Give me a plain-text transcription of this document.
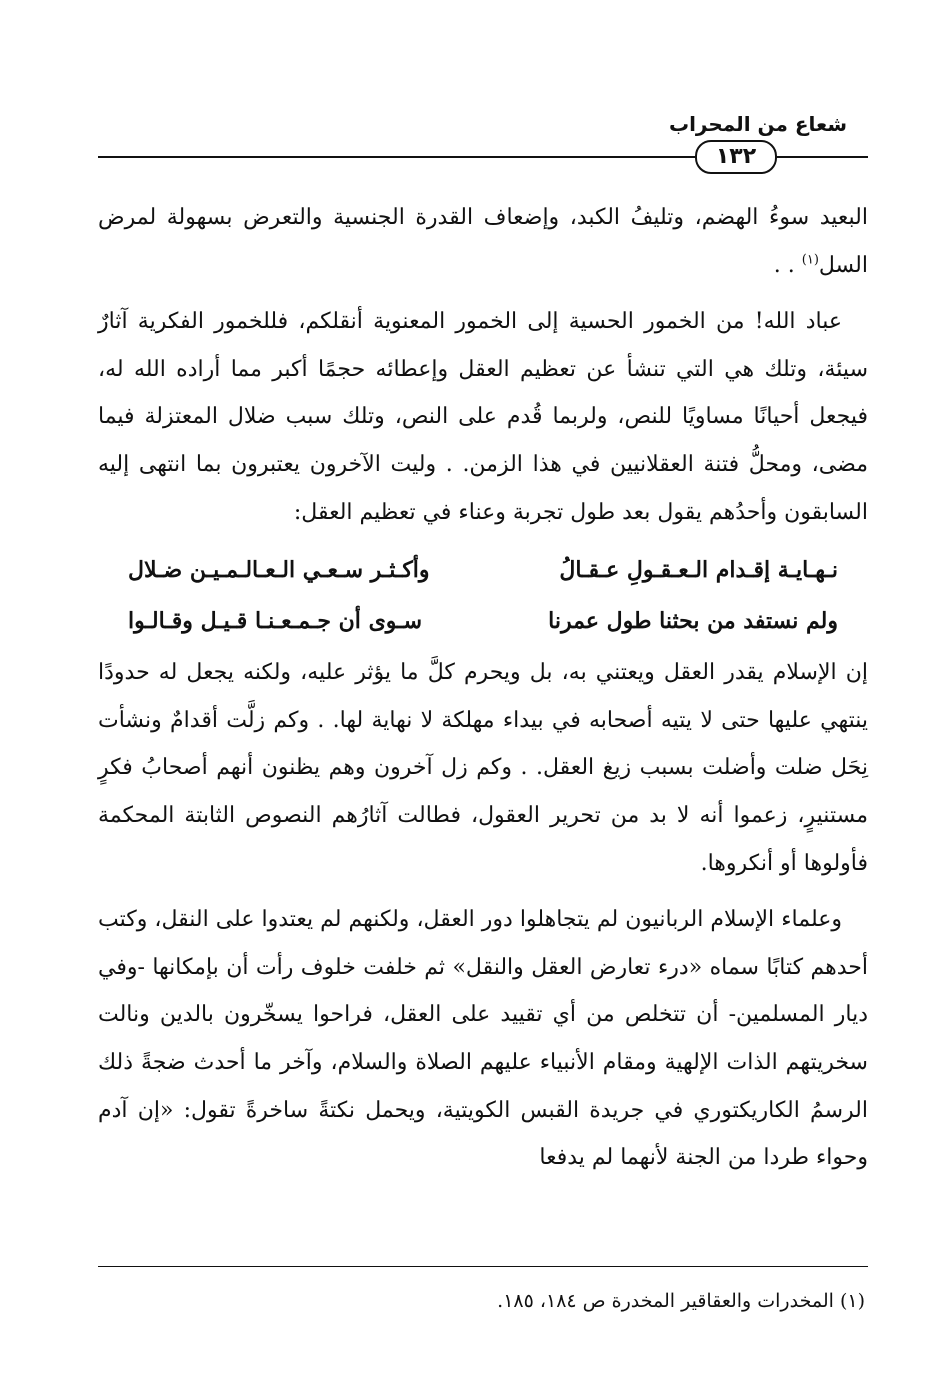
شعاع من المحراب
١٣٢

البعيد سوءُ الهضم، وتليفُ الكبد، وإضعاف القدرة الجنسية والتعرض بسهولة لمرض السل$^{(١)}$ . .

عباد الله! من الخمور الحسية إلى الخمور المعنوية أنقلكم، فللخمور الفكرية آثارٌ سيئة، وتلك هي التي تنشأ عن تعظيم العقل وإعطائه حجمًا أكبر مما أراده الله له، فيجعل أحيانًا مساويًا للنص، ولربما قُدم على النص، وتلك سبب ضلال المعتزلة فيما مضى، ومحلُّ فتنة العقلانيين في هذا الزمن. . وليت الآخرون يعتبرون بما انتهى إليه السابقون وأحدُهم يقول بعد طول تجربة وعناء في تعظيم العقل:

نـهـايـة إقـدام الـعـقـولِ عـقـالُ
وأكـثـر سـعـي الـعـالـمـيـن ضـلال
ولم نستفد من بحثنا طول عمرنا
سـوى أن جـمـعـنـا قـيـل وقـالـوا

إن الإسلام يقدر العقل ويعتني به، بل ويحرم كلَّ ما يؤثر عليه، ولكنه يجعل له حدودًا ينتهي عليها حتى لا يتيه أصحابه في بيداء مهلكة لا نهاية لها. . وكم زلَّت أقدامٌ ونشأت نِحَل ضلت وأضلت بسبب زيغ العقل. . وكم زل آخرون وهم يظنون أنهم أصحابُ فكرٍ مستنيرٍ، زعموا أنه لا بد من تحرير العقول، فطالت آثارُهم النصوص الثابتة المحكمة فأولوها أو أنكروها.

وعلماء الإسلام الربانيون لم يتجاهلوا دور العقل، ولكنهم لم يعتدوا على النقل، وكتب أحدهم كتابًا سماه «درء تعارض العقل والنقل» ثم خلفت خلوف رأت أن بإمكانها -وفي ديار المسلمين- أن تتخلص من أي تقييد على العقل، فراحوا يسخّرون بالدين ونالت سخريتهم الذات الإلهية ومقام الأنبياء عليهم الصلاة والسلام، وآخر ما أحدث ضجةً ذلك الرسمُ الكاريكتوري في جريدة القبس الكويتية، ويحمل نكتةً ساخرةً تقول: «إن آدم وحواء طردا من الجنة لأنهما لم يدفعا

(١) المخدرات والعقاقير المخدرة ص ١٨٤، ١٨٥.
